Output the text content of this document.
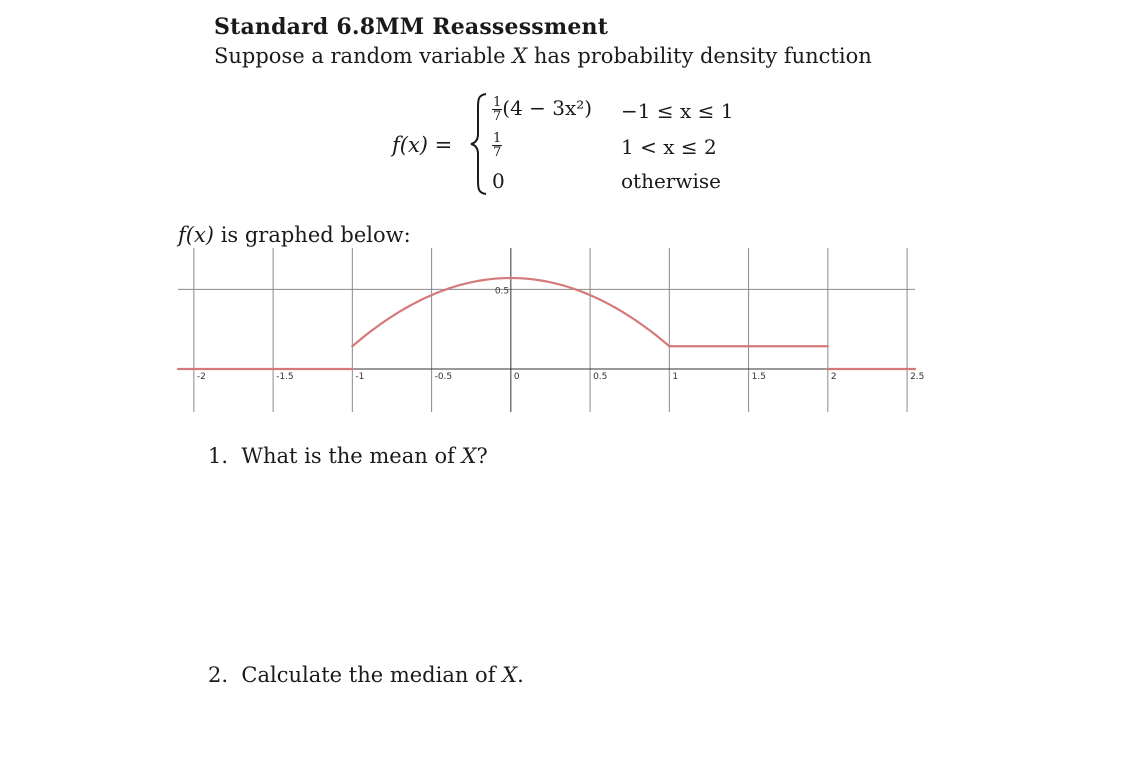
Standard 6.8MM Reassessment
Suppose a random variable X has probability density function
f(x) =
$\frac{1}{7} (4 - 3x^2) -1 \le x \le 1$
$\frac{1}{7}$	1 < x ≤ 2
0	otherwise
f(x) is graphed below:
-2	-1.5	-1	-0.5	0	0.5	1	1.5	2	2.5
0.5
1. What is the mean of X?
2. Calculate the median of X.
